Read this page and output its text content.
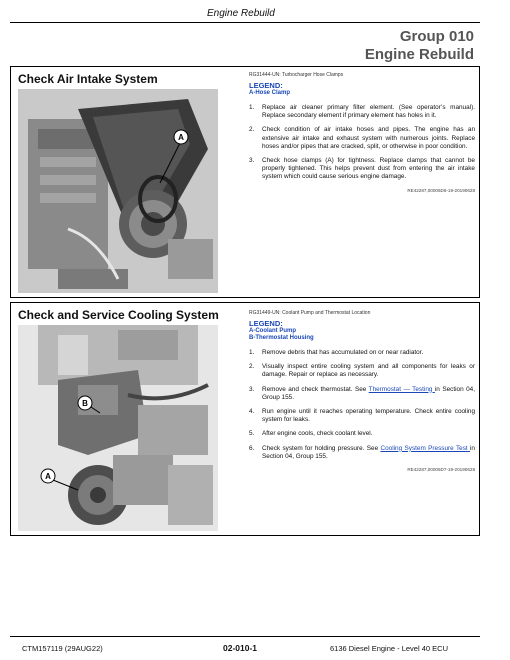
Engine Rebuild
Group 010
Engine Rebuild
Check Air Intake System
A
RG31444-UN: Turbocharger Hose Clamps
LEGEND:
A-Hose Clamp
1. Replace air cleaner primary filter element. (See operator’s manual). Replace secondary element if primary element has holes in it.
2. Check condition of air intake hoses and pipes. The engine has an extensive air intake and exhaust system with numerous joints. Replace hoses and/or pipes that are cracked, split, or otherwise in poor condition.
3. Check hose clamps (A) for tightness. Replace clamps that cannot be properly tightened. This helps prevent dust from entering the air intake system which could cause serious engine damage.
RE42287,00005D6-19-20190628
Check and Service Cooling System
B
A
RG31449-UN: Coolant Pump and Thermostat Location
LEGEND:
A-Coolant Pump
B-Thermostat Housing
1. Remove debris that has accumulated on or near radiator.
2. Visually inspect entire cooling system and all components for leaks or damage. Repair or replace as necessary.
3. Remove and check thermostat. See Thermostat — Testing in Section 04, Group 155.
4. Run engine until it reaches operating temperature. Check entire cooling system for leaks.
5. After engine cools, check coolant level.
6. Check system for holding pressure. See Cooling System Pressure Test in Section 04, Group 155.
RE42287,00005D7-19-20190628
CTM157119 (29AUG22)	02-010-1	6136 Diesel Engine - Level 40 ECU
